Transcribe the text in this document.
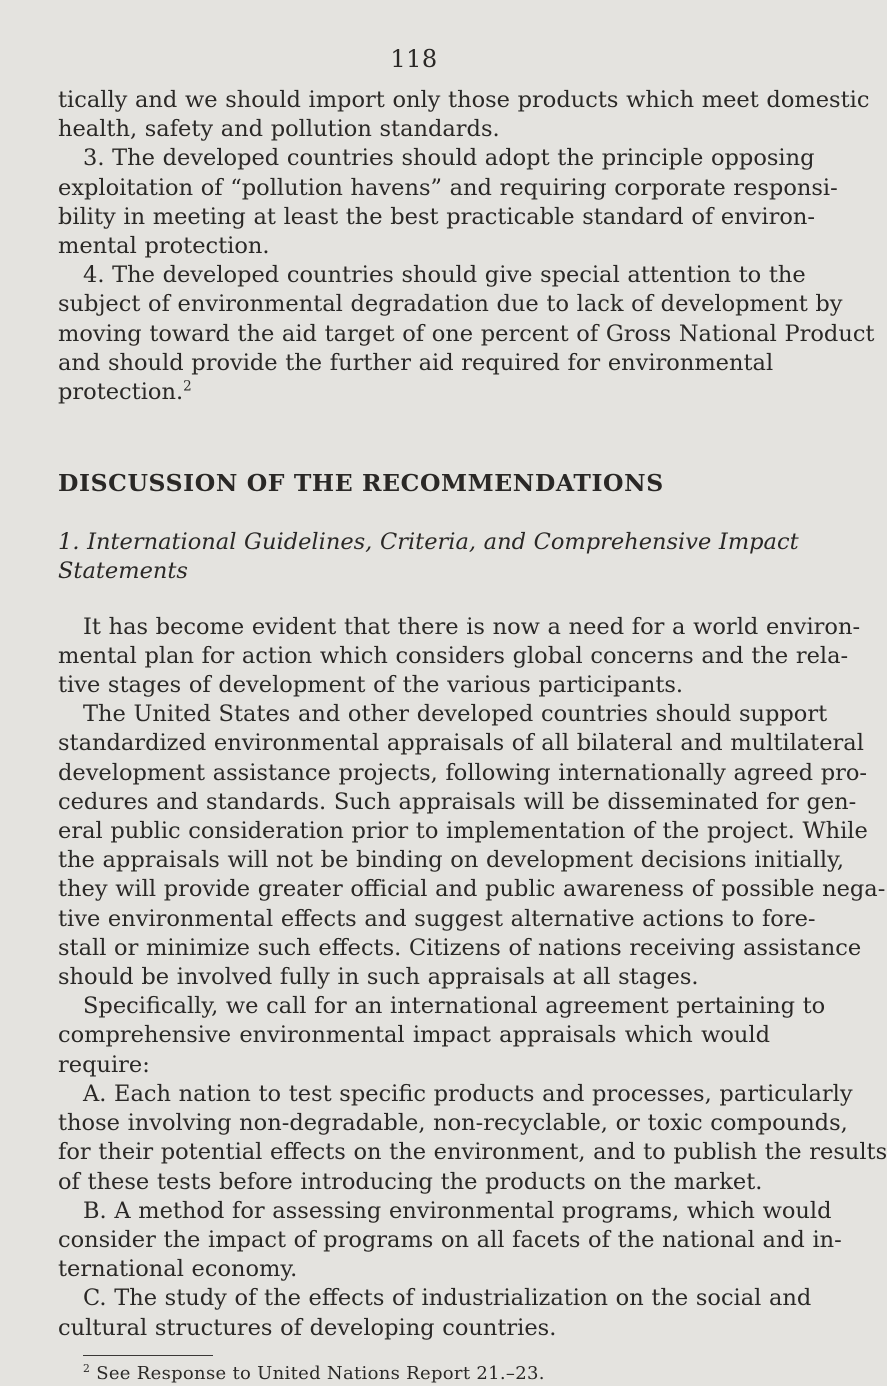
118
tically and we should import only those products which meet domestic
health, safety and pollution standards.
3. The developed countries should adopt the principle opposing
exploitation of “pollution havens” and requiring corporate responsi-
bility in meeting at least the best practicable standard of environ-
mental protection.
4. The developed countries should give special attention to the
subject of environmental degradation due to lack of development by
moving toward the aid target of one percent of Gross National Product
and should provide the further aid required for environmental
protection.$^2$
DISCUSSION OF THE RECOMMENDATIONS
1. International Guidelines, Criteria, and Comprehensive Impact
Statements
It has become evident that there is now a need for a world environ-
mental plan for action which considers global concerns and the rela-
tive stages of development of the various participants.
The United States and other developed countries should support
standardized environmental appraisals of all bilateral and multilateral
development assistance projects, following internationally agreed pro-
cedures and standards. Such appraisals will be disseminated for gen-
eral public consideration prior to implementation of the project. While
the appraisals will not be binding on development decisions initially,
they will provide greater official and public awareness of possible nega-
tive environmental effects and suggest alternative actions to fore-
stall or minimize such effects. Citizens of nations receiving assistance
should be involved fully in such appraisals at all stages.
Specifically, we call for an international agreement pertaining to
comprehensive environmental impact appraisals which would
require:
A. Each nation to test specific products and processes, particularly
those involving non-degradable, non-recyclable, or toxic compounds,
for their potential effects on the environment, and to publish the results
of these tests before introducing the products on the market.
B. A method for assessing environmental programs, which would
consider the impact of programs on all facets of the national and in-
ternational economy.
C. The study of the effects of industrialization on the social and
cultural structures of developing countries.
$^2$ See Response to United Nations Report 21.–23.
